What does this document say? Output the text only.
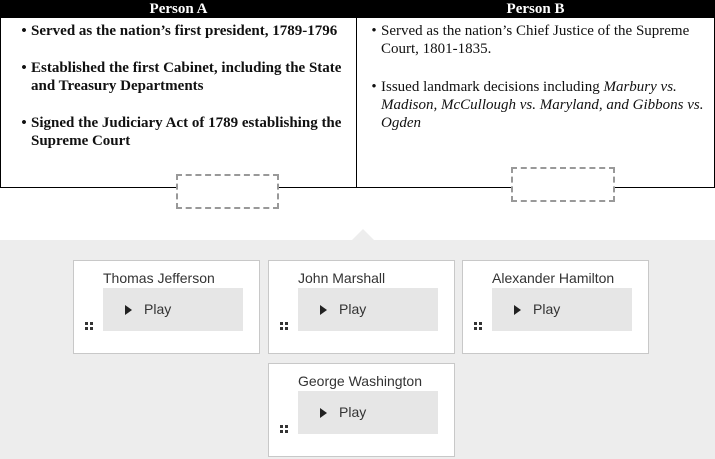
Person A
• Served as the nation’s first president, 1789-1796
• Established the first Cabinet, including the State and Treasury Departments
• Signed the Judiciary Act of 1789 establishing the Supreme Court
Person B
• Served as the nation’s Chief Justice of the Supreme Court, 1801-1835.
• Issued landmark decisions including Marbury vs. Madison, McCullough vs. Maryland, and Gibbons vs. Ogden
Thomas Jefferson
Play
John Marshall
Play
Alexander Hamilton
Play
George Washington
Play
